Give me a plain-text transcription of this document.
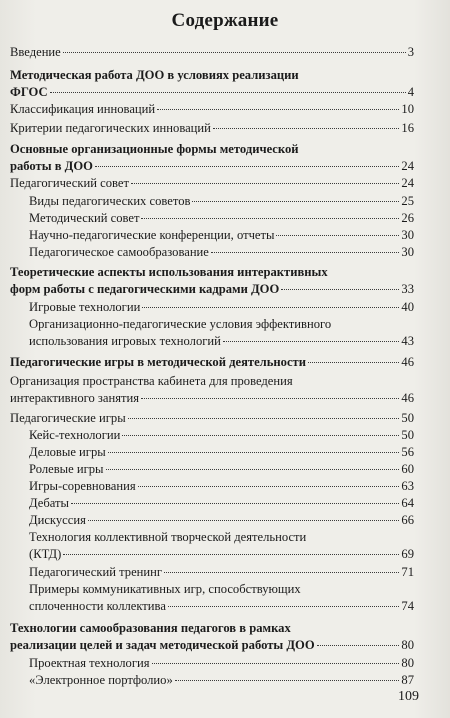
Содержание
Введение	3
Методическая работа ДОО в условиях реализации
ФГОС	4
Классификация инноваций	10
Критерии педагогических инноваций	16
Основные организационные формы методической
работы в ДОО	24
Педагогический совет	24
Виды педагогических советов	25
Методический совет	26
Научно-педагогические конференции, отчеты	30
Педагогическое самообразование	30
Теоретические аспекты использования интерактивных
форм работы с педагогическими кадрами ДОО	33
Игровые технологии	40
Организационно-педагогические условия эффективного
использования игровых технологий	43
Педагогические игры в методической деятельности	46
Организация пространства кабинета для проведения
интерактивного занятия	46
Педагогические игры	50
Кейс-технологии	50
Деловые игры	56
Ролевые игры	60
Игры-соревнования	63
Дебаты	64
Дискуссия	66
Технология коллективной творческой деятельности
(КТД)	69
Педагогический тренинг	71
Примеры коммуникативных игр, способствующих
сплоченности коллектива	74
Технологии самообразования педагогов в рамках
реализации целей и задач методической работы ДОО	80
Проектная технология	80
«Электронное портфолио»	87
109
